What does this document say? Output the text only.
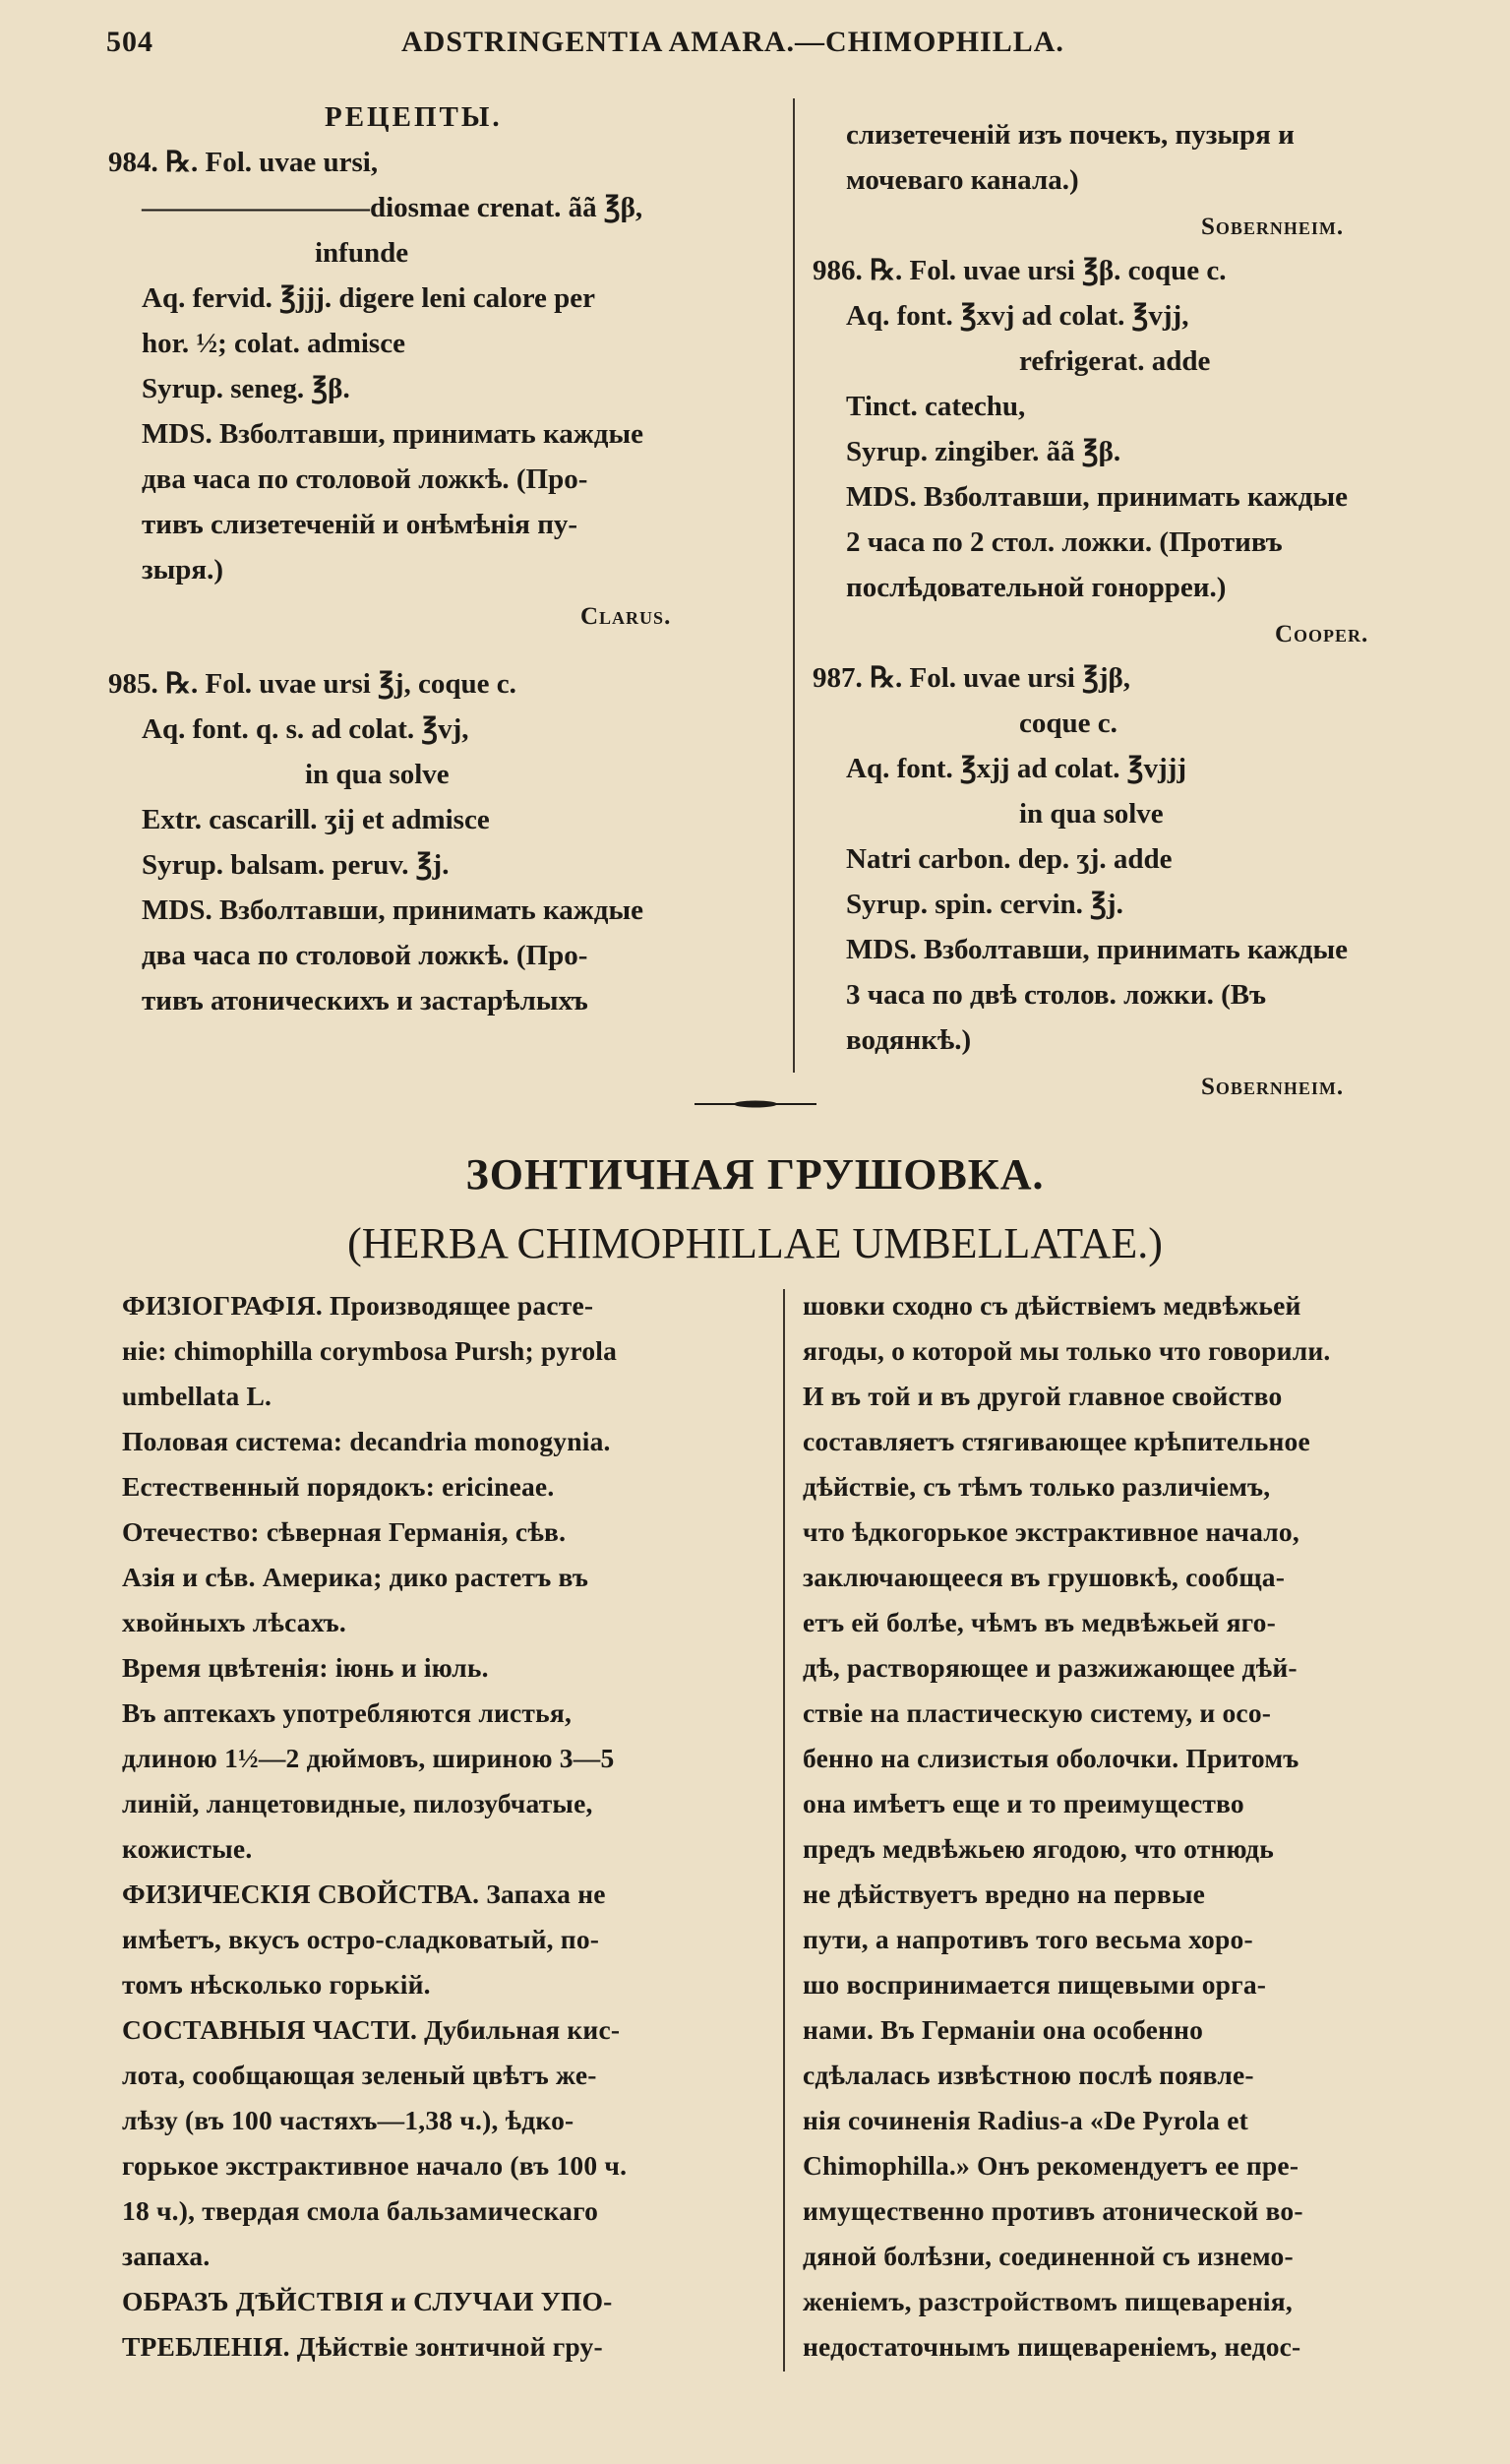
504	ADSTRINGENTIA AMARA.—CHIMOPHILLA.
РЕЦЕПТЫ.
984. ℞. Fol. uvae ursi,
————————diosmae crenat. ãã ℥β,
infunde
Aq. fervid. ℥jjj. digere leni calore per
hor. ½; colat. admisce
Syrup. seneg. ℥β.
MDS. Взболтавши, принимать каждые
два часа по столовой ложкѣ. (Про-
тивъ слизетеченій и онѣмѣнія пу-
зыря.)
Clarus.
985. ℞. Fol. uvae ursi ℥j, coque c.
Aq. font. q. s. ad colat. ℥vj,
in qua solve
Extr. cascarill. ʒij et admisce
Syrup. balsam. peruv. ℥j.
MDS. Взболтавши, принимать каждые
два часа по столовой ложкѣ. (Про-
тивъ атоническихъ и застарѣлыхъ
слизетеченій изъ почекъ, пузыря и
мочеваго канала.)
Sobernheim.
986. ℞. Fol. uvae ursi ℥β. coque c.
Aq. font. ℥xvj ad colat. ℥vjj,
refrigerat. adde
Tinct. catechu,
Syrup. zingiber. ãã ℥β.
MDS. Взболтавши, принимать каждые
2 часа по 2 стол. ложки. (Противъ
послѣдовательной гонорреи.)
Cooper.
987. ℞. Fol. uvae ursi ℥jβ,
coque c.
Aq. font. ℥xjj ad colat. ℥vjjj
in qua solve
Natri carbon. dep. ʒj. adde
Syrup. spin. cervin. ℥j.
MDS. Взболтавши, принимать каждые
3 часа по двѣ столов. ложки. (Въ
водянкѣ.)
Sobernheim.
ЗОНТИЧНАЯ ГРУШОВКА.
(HERBA CHIMOPHILLAE UMBELLATAE.)
ФИЗІОГРАФІЯ. Производящее расте-
ніе: chimophilla corymbosa Pursh; pyrola
umbellata L.
Половая система: decandria monogynia.
Естественный порядокъ: ericineae.
Отечество: сѣверная Германія, сѣв.
Азія и сѣв. Америка; дико растетъ въ
хвойныхъ лѣсахъ.
Время цвѣтенія: іюнь и іюль.
Въ аптекахъ употребляются листья,
длиною 1½—2 дюймовъ, шириною 3—5
линій, ланцетовидные, пилозубчатые,
кожистые.
ФИЗИЧЕСКІЯ СВОЙСТВА. Запаха не
имѣетъ, вкусъ остро-сладковатый, по-
томъ нѣсколько горькій.
СОСТАВНЫЯ ЧАСТИ. Дубильная кис-
лота, сообщающая зеленый цвѣтъ же-
лѣзу (въ 100 частяхъ—1,38 ч.), ѣдко-
горькое экстрактивное начало (въ 100 ч.
18 ч.), твердая смола бальзамическаго
запаха.
ОБРАЗЪ ДѢЙСТВІЯ и СЛУЧАИ УПО-
ТРЕБЛЕНІЯ. Дѣйствіе зонтичной гру-
шовки сходно съ дѣйствіемъ медвѣжьей
ягоды, о которой мы только что говорили.
И въ той и въ другой главное свойство
составляетъ стягивающее крѣпительное
дѣйствіе, съ тѣмъ только различіемъ,
что ѣдкогорькое экстрактивное начало,
заключающееся въ грушовкѣ, сообща-
етъ ей болѣе, чѣмъ въ медвѣжьей яго-
дѣ, растворяющее и разжижающее дѣй-
ствіе на пластическую систему, и осо-
бенно на слизистыя оболочки. Притомъ
она имѣетъ еще и то преимущество
предъ медвѣжьею ягодою, что отнюдь
не дѣйствуетъ вредно на первые
пути, а напротивъ того весьма хоро-
шо воспринимается пищевыми орга-
нами. Въ Германіи она особенно
сдѣлалась извѣстною послѣ появле-
нія сочиненія Radius-а «De Pyrola et
Chimophilla.» Онъ рекомендуетъ ее пре-
имущественно противъ атонической во-
дяной болѣзни, соединенной съ изнемо-
женіемъ, разстройствомъ пищеваренія,
недостаточнымъ пищевареніемъ, недос-
